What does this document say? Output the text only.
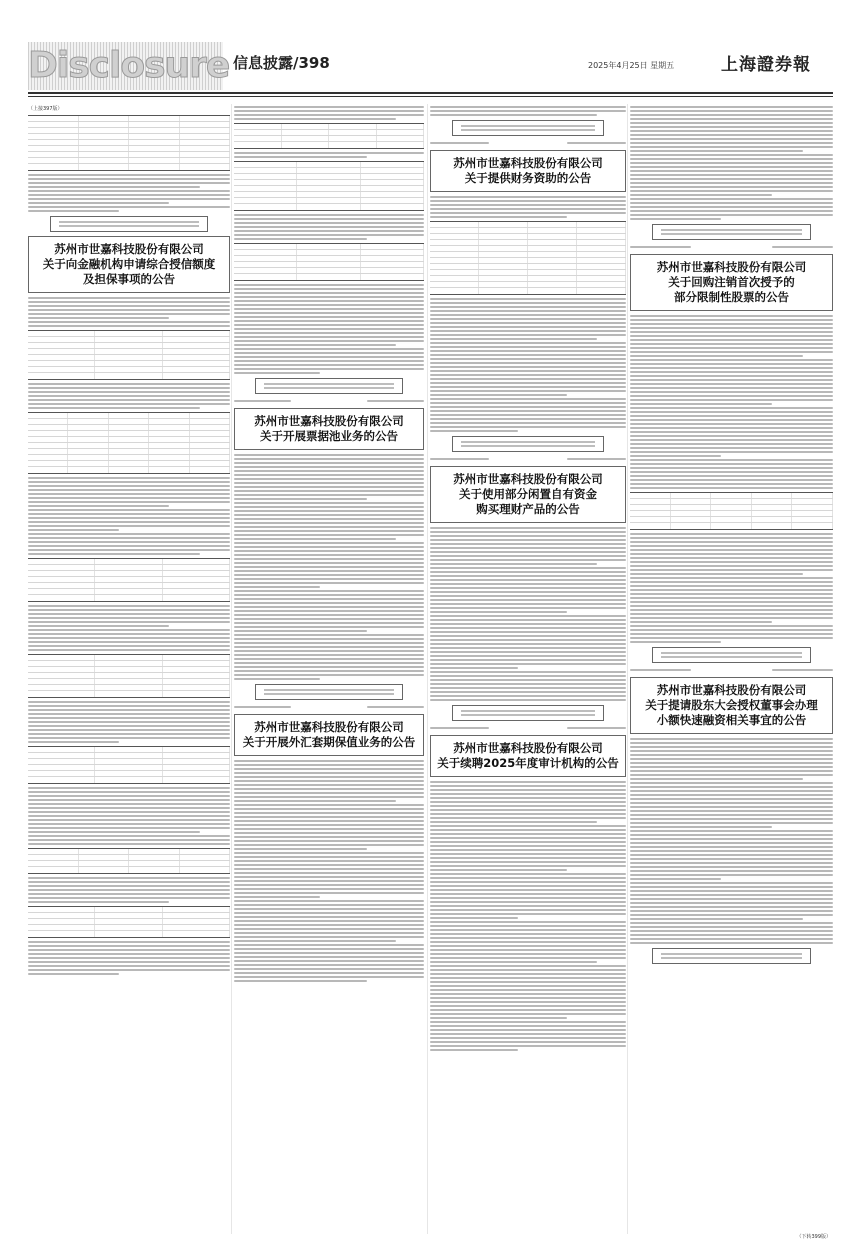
Disclosure 信息披露/398	2025年4月25日 星期五	上海證券報
（上接397版）
苏州市世嘉科技股份有限公司
关于向金融机构申请综合授信额度
及担保事项的公告
苏州市世嘉科技股份有限公司
关于开展票据池业务的公告
苏州市世嘉科技股份有限公司
关于开展外汇套期保值业务的公告
苏州市世嘉科技股份有限公司
关于提供财务资助的公告
苏州市世嘉科技股份有限公司
关于使用部分闲置自有资金
购买理财产品的公告
苏州市世嘉科技股份有限公司
关于续聘2025年度审计机构的公告
苏州市世嘉科技股份有限公司
关于回购注销首次授予的
部分限制性股票的公告
苏州市世嘉科技股份有限公司
关于提请股东大会授权董事会办理
小额快速融资相关事宜的公告
（下转399版）
